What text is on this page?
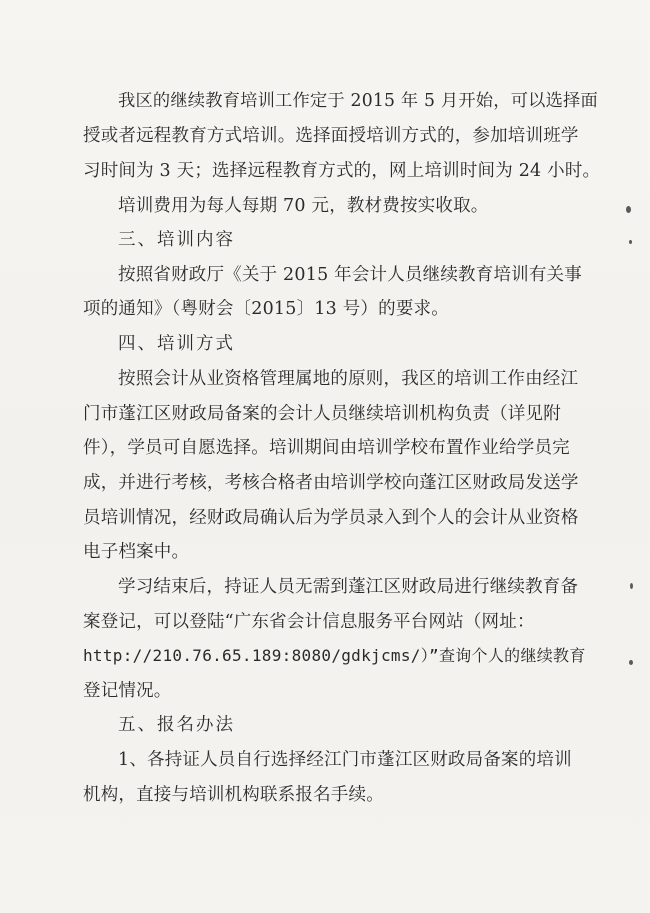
我区的继续教育培训工作定于 2015 年 5 月开始，可以选择面
授或者远程教育方式培训。选择面授培训方式的，参加培训班学
习时间为 3 天；选择远程教育方式的，网上培训时间为 24 小时。
培训费用为每人每期 70 元，教材费按实收取。
三、培训内容
按照省财政厅《关于 2015 年会计人员继续教育培训有关事
项的通知》（粤财会〔2015〕13 号）的要求。
四、培训方式
按照会计从业资格管理属地的原则，我区的培训工作由经江
门市蓬江区财政局备案的会计人员继续培训机构负责（详见附
件），学员可自愿选择。培训期间由培训学校布置作业给学员完
成，并进行考核，考核合格者由培训学校向蓬江区财政局发送学
员培训情况，经财政局确认后为学员录入到个人的会计从业资格
电子档案中。
学习结束后，持证人员无需到蓬江区财政局进行继续教育备
案登记，可以登陆“广东省会计信息服务平台网站（网址：
http://210.76.65.189:8080/gdkjcms/）”查询个人的继续教育
登记情况。
五、报名办法
1、各持证人员自行选择经江门市蓬江区财政局备案的培训
机构，直接与培训机构联系报名手续。
